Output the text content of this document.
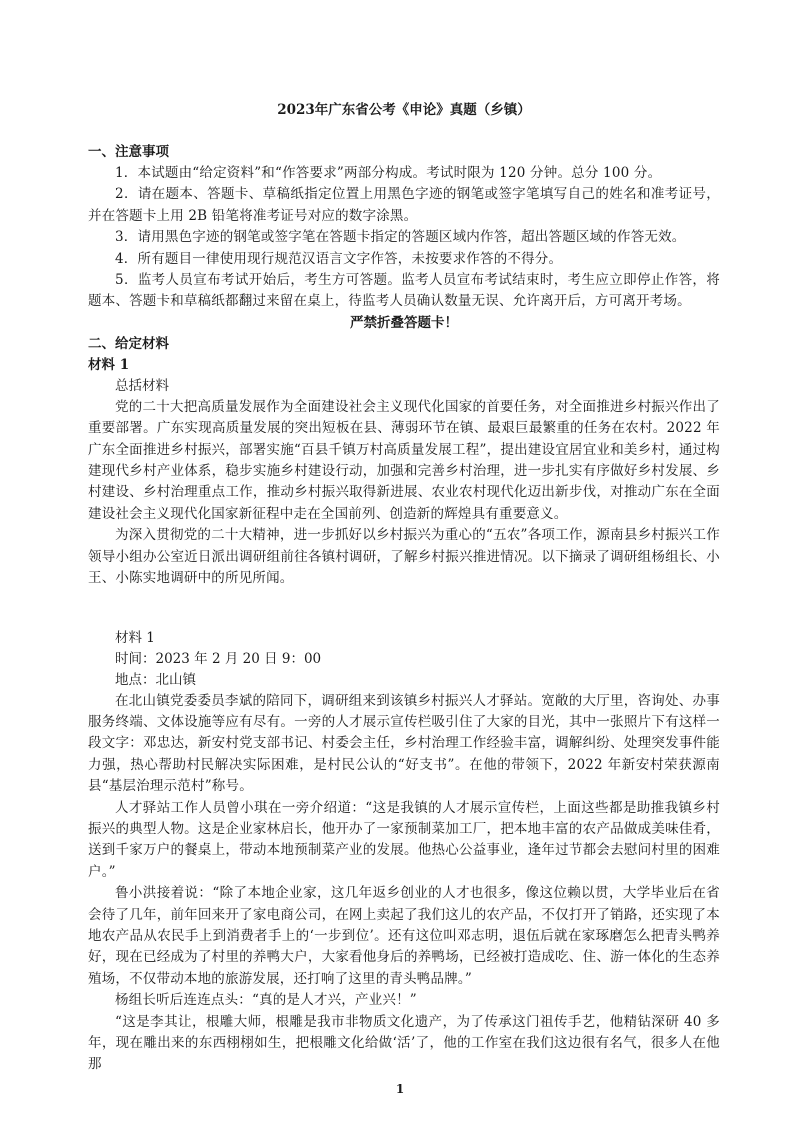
2023年广东省公考《申论》真题（乡镇）

一、注意事项

1．本试题由“给定资料”和“作答要求”两部分构成。考试时限为 120 分钟。总分 100 分。

2．请在题本、答题卡、草稿纸指定位置上用黑色字迹的钢笔或签字笔填写自己的姓名和准考证号，并在答题卡上用 2B 铅笔将准考证号对应的数字涂黑。

3．请用黑色字迹的钢笔或签字笔在答题卡指定的答题区域内作答，超出答题区域的作答无效。

4．所有题目一律使用现行规范汉语言文字作答，未按要求作答的不得分。

5．监考人员宣布考试开始后，考生方可答题。监考人员宣布考试结束时，考生应立即停止作答，将题本、答题卡和草稿纸都翻过来留在桌上，待监考人员确认数量无误、允许离开后，方可离开考场。

严禁折叠答题卡！

二、给定材料

材料 1

总括材料

党的二十大把高质量发展作为全面建设社会主义现代化国家的首要任务，对全面推进乡村振兴作出了重要部署。广东实现高质量发展的突出短板在县、薄弱环节在镇、最艰巨最繁重的任务在农村。2022 年广东全面推进乡村振兴，部署实施“百县千镇万村高质量发展工程”，提出建设宜居宜业和美乡村，通过构建现代乡村产业体系，稳步实施乡村建设行动，加强和完善乡村治理，进一步扎实有序做好乡村发展、乡村建设、乡村治理重点工作，推动乡村振兴取得新进展、农业农村现代化迈出新步伐，对推动广东在全面建设社会主义现代化国家新征程中走在全国前列、创造新的辉煌具有重要意义。

为深入贯彻党的二十大精神，进一步抓好以乡村振兴为重心的“五农”各项工作，源南县乡村振兴工作领导小组办公室近日派出调研组前往各镇村调研，了解乡村振兴推进情况。以下摘录了调研组杨组长、小王、小陈实地调研中的所见所闻。

材料 1

时间：2023 年 2 月 20 日 9：00

地点：北山镇

在北山镇党委委员李斌的陪同下，调研组来到该镇乡村振兴人才驿站。宽敞的大厅里，咨询处、办事服务终端、文体设施等应有尽有。一旁的人才展示宣传栏吸引住了大家的目光，其中一张照片下有这样一段文字：邓忠达，新安村党支部书记、村委会主任，乡村治理工作经验丰富，调解纠纷、处理突发事件能力强，热心帮助村民解决实际困难，是村民公认的“好支书”。在他的带领下，2022 年新安村荣获源南县“基层治理示范村”称号。

人才驿站工作人员曾小琪在一旁介绍道：“这是我镇的人才展示宣传栏，上面这些都是助推我镇乡村振兴的典型人物。这是企业家林启长，他开办了一家预制菜加工厂，把本地丰富的农产品做成美味佳肴，送到千家万户的餐桌上，带动本地预制菜产业的发展。他热心公益事业，逢年过节都会去慰问村里的困难户。”

鲁小洪接着说：“除了本地企业家，这几年返乡创业的人才也很多，像这位赖以贯，大学毕业后在省会待了几年，前年回来开了家电商公司，在网上卖起了我们这儿的农产品，不仅打开了销路，还实现了本地农产品从农民手上到消费者手上的‘一步到位’。还有这位叫邓志明，退伍后就在家琢磨怎么把青头鸭养好，现在已经成为了村里的养鸭大户，大家看他身后的养鸭场，已经被打造成吃、住、游一体化的生态养殖场，不仅带动本地的旅游发展，还打响了这里的青头鸭品牌。”

杨组长听后连连点头：“真的是人才兴，产业兴！”

“这是李其让，根雕大师，根雕是我市非物质文化遗产，为了传承这门祖传手艺，他精钻深研 40 多年，现在雕出来的东西栩栩如生，把根雕文化给做‘活’了，他的工作室在我们这边很有名气，很多人在他那

1
